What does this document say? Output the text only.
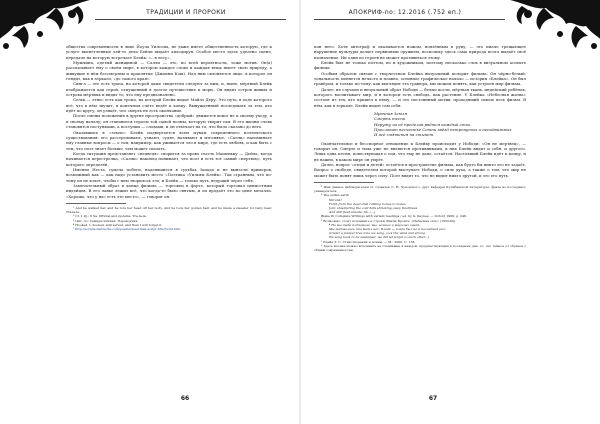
ТРАДИЦИИ И ПРОРОКИ

общества современности в лице Йоула Уилсона, не даже имеет общественность которую, где к услуге высветленные чей-то дела Бейли выдаёт аплодируя. Особое место здесь уделено сцене, передаче на которую встречает Блейк: «...в лесу».

Мужчина, одетый женщиной — Салли — это, по всей вероятности, тоже мотив. Он(а) рассказывает ему о своём мире, в котором каждое слово и каждая вещь имеет свою природу, а живущие в нём бессмертны и проклятые (Джонни Кэш). Над ним склоняется лицо, в которое он глядит, как в зеркало, «до самого края».

Сингл — это есть тропа, на которой даже свидетели следуют за ним, и, ныне, мёртвый Блейк изображается как герой, отпущенный в долгое путешествие к морю. Он видит остров живых и острова мёртвых и видит то, что ему предназначено.

Сельк — этнос есть как тропа, на которой Блейк видит Майлз Деру. Это путь, в ходе которого всё, что в нём звучит, в конечном счёте ведёт к концу. Вынужденный последовать за тем, кто идёт по кругу, он узнаёт, что смерть не есть окончание.

После смены положения в другие пространства «добрый» движется вовсе не к своему уходу, а к своему началу; он становится героем той самой поэмы, которую творит сам. В его жизни слова становятся поступками, а поступки — словами, и он отвечает на то, что было сказано до него.

Оказавшись в «земле» Блейк подвергается всем мукам современного поэтического существования: его расстреливают, узнают, судят, называют и изгоняют. «Салли» напоминает ему главные вопросы — о том, например, как уживается зло в мире, где есть любовь, и как быть с тем, что поэт знает больше, чем может сказать.

Когда ситуация представляет «медведя» спорится за право съесть Машеньку — Дейла, когда начинается перестрелка, «Салли» наконец понимает, что поэт и есть тот самый «мертвец», путь которого определён.

Именно Неста, сумела побеги, надеявшиеся в судьбах Запада и не вынести примеров, возможный как — как надо установить место «Поэтика «Уильям Блейк». Так странным, что по-тому он не хочет, чтобы с ним творилось зло; и Блейк — только путь, ведущий через себя.

Замечательный образ в конце фильма — торговец в форте, который торговал ценностями индейцев. В его лавке лежит всё, что когда-то было святым, и он продаёт это по цене металла. «Хорошо, что у нас есть это место», — говорит он.

¹ And he walked her, and he tore her head off her body. And he took her golden hair, and he made a sweater for baby bear. Tra-la-la.

² Cf. 1 Dj.; 6 Sa. Official and systems. Tra-la-la.

³ Цит. по: Семидесятники. Переводчик.

⁴ Hooked, I, hooked, still served, and then I will forget it.

⁵ http://scripts-nietzsche.com/poems/dead-man-script.htm?print.htm

66
АПОКРИФ-no: 12.2016 (.752 еп.)

пон него. Хотя автограф и оказывается ножом, вонзённым в руку, — это иначе трещающее нарушение культуры делает первичным оружием, поскольку здесь сама природа поэта выдаёт своё назначение. Ни один из героев не может противиться этому.

Блейк был не только поэтом, но и художником, поэтому несколько слов в визуальном аспекте фильма.

Особым образом связан с творчеством Блейка визуальный колорит фильма. Он чёрно-белый: тональность меняется нечасто и плавно, основное графическое начало — история «Блейка». Он был гравёром, и только по-тому, как выглядит эта гравюра, мы можем понять, как устроен мир фильма.

Далее, не случаен и визуальный образ Нободи — белые кости, мёртвая ткань, индейский ребёнок, которого воспитывает мир, и в котором есть свобода, как растение. У Блейка «Небесная жатва» состоит из тех, кто пришёл к нему, — и это постоянный мотив, проходящий сквозь весь фильм. В нём, как в зеркале, Блейк видит сам себя:

Мрачная Земля
Смерть тесна
Наружу из её пределов рвётся каждый стих,
Прословит несчастье Сотни звёзд нетронутых и неподвижных
И всё смятения на стынет.

Окончательное и бесспорное отношение к Блейку происходит у Нободи: «Он не мертвец», — говорит он. Смерть и тьма уже не являются противниками, в них Блейк видит и себя, и другого. Лишь одна песня, повествующая о том, что ему не дано, остаётся. Настоящий Блейк идёт к концу, и не важно, в каком мире он умрёт.

Далее, вопрос «отцов и детей» остаётся в пространстве фильма, как будто бы никто его не задаёт. Вопрос о свободе, свидетелем которой выступает Нободи, о силе духа, а также о том, что мир не может быть понят лишь через силу. Поэт видит то, что не видит никто другой, и это его путь.

¹ Имя данное наблюдателем от словачек С. Н. Чуковского, друг кафедры Кулибинской литературы, фраза из последнего университета.

² The sullen earth

Shrunk!

Forth from the dead dust rattling bones to bones

Join: shuddering the cold hills shrieking away Deathless

And still flesh bleeds; fib. (...)

Blake W. Complete Writings with variant readings / ed. by G. Keynes. — Oxford 1969. p. 246.

³ Возможно, стоит вспомнить и строки Эмили Бронте: «Небесная сеть» (1950-60).

⁴ Но мы тебе подпевали, мы, ночных и мёрзлых огней,

Мы радовались, ты видел нас, Блейк — когда был не в последний раз,

(Under a juniper tree lone we sang, cool the wind and strong

We sang back to be sustained, we did let forget to each other...)

⁵ Блейк Т. С. Стихотворения и поэмы. — М.: 2000. С. 136.

⁶ Здесь вполне можно вспомнить не слышимые в каждой, предшествующим в последнем дне, то, что тёмное от образов с общим современностью.

67
